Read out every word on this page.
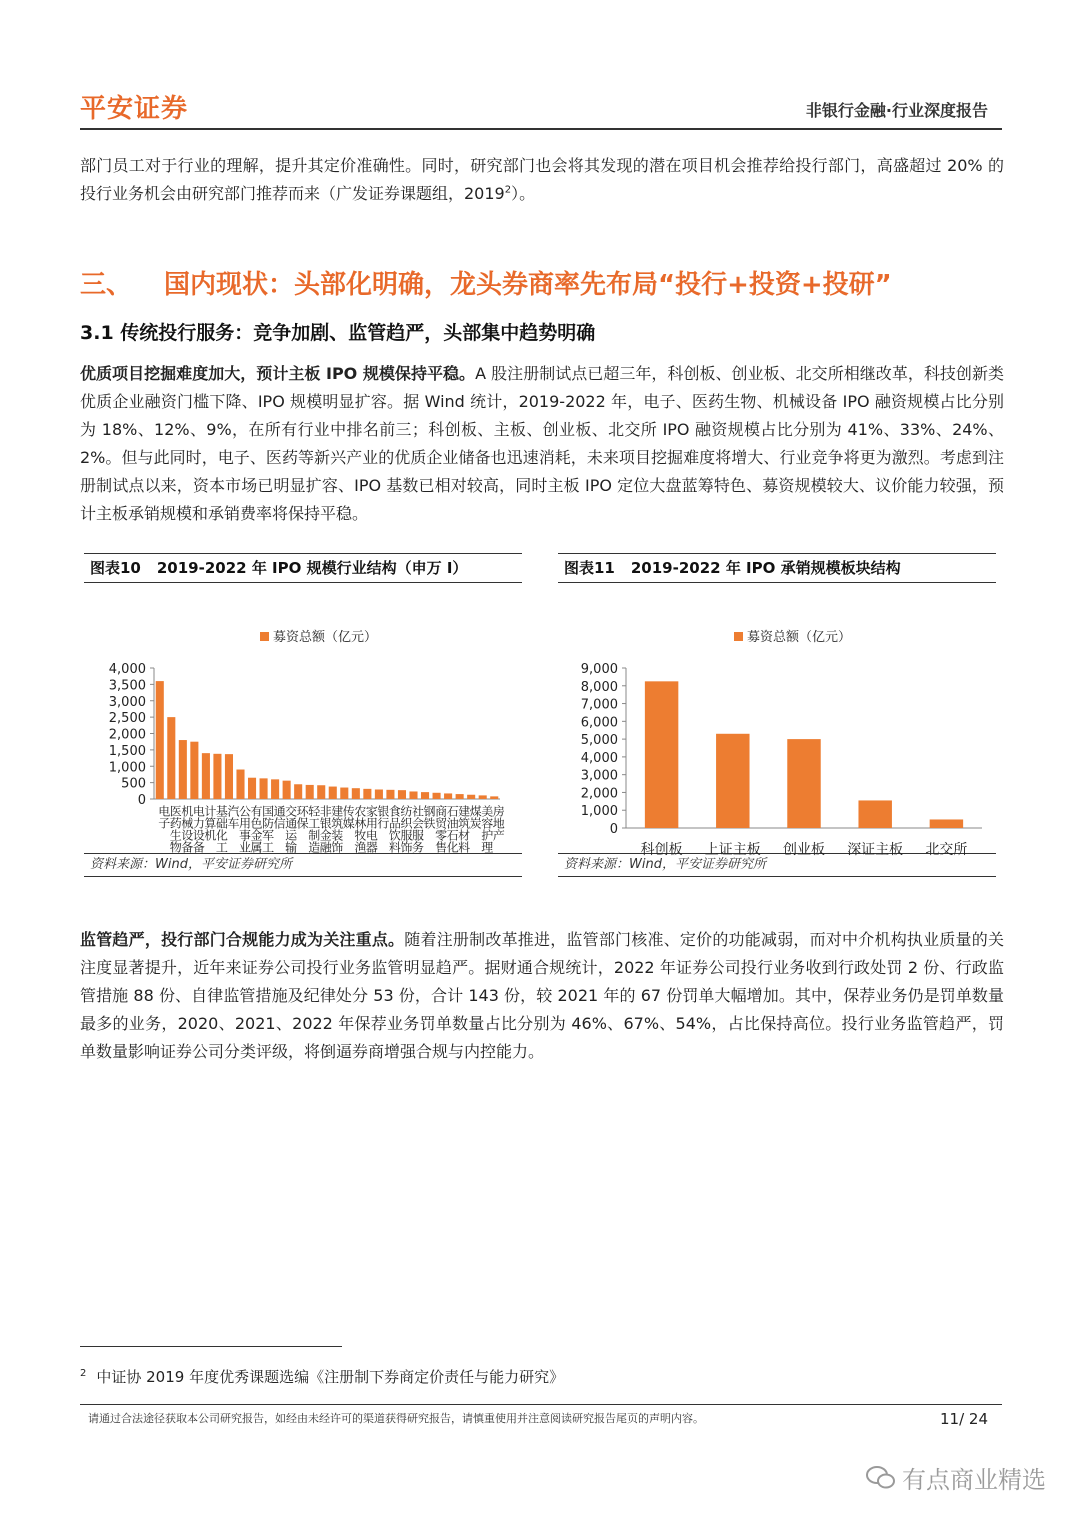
平安证券	非银行金融·行业深度报告
部门员工对于行业的理解，提升其定价准确性。同时，研究部门也会将其发现的潜在项目机会推荐给投行部门，高盛超过 20% 的投行业务机会由研究部门推荐而来（广发证券课题组，2019$^2$）。
三、 国内现状：头部化明确，龙头券商率先布局“投行+投资+投研”
3.1 传统投行服务：竞争加剧、监管趋严，头部集中趋势明确
优质项目挖掘难度加大，预计主板 IPO 规模保持平稳。A 股注册制试点已超三年，科创板、创业板、北交所相继改革，科技创新类优质企业融资门槛下降、IPO 规模明显扩容。据 Wind 统计，2019-2022 年，电子、医药生物、机械设备 IPO 融资规模占比分别为 18%、12%、9%，在所有行业中排名前三；科创板、主板、创业板、北交所 IPO 融资规模占比分别为 41%、33%、24%、2%。但与此同时，电子、医药等新兴产业的优质企业储备也迅速消耗，未来项目挖掘难度将增大、行业竞争将更为激烈。考虑到注册制试点以来，资本市场已明显扩容、IPO 基数已相对较高，同时主板 IPO 定位大盘蓝筹特色、募资规模较大、议价能力较强，预计主板承销规模和承销费率将保持平稳。
图表10 2019-2022 年 IPO 规模行业结构（申万 I）
募资总额（亿元）
0
500
1,000
1,500
2,000
2,500
3,000
3,500
4,000
电子
医药生物
机械设备
电力设备
计算机
基础化工
汽车
公用事业
有色金属
国防军工
通信
交通运输
环保
轻工制造
非银金融
建筑装饰
传媒
农林牧渔
家用电器
银行
食品饮料
纺织服饰
社会服务
钢铁
商贸零售
石油石化
建筑材料
煤炭
美容护理
房地产
资料来源：Wind，平安证券研究所
图表11 2019-2022 年 IPO 承销规模板块结构
募资总额（亿元）
0
1,000
2,000
3,000
4,000
5,000
6,000
7,000
8,000
9,000
科创板 上证主板 创业板 深证主板 北交所
资料来源：Wind，平安证券研究所
监管趋严，投行部门合规能力成为关注重点。随着注册制改革推进，监管部门核准、定价的功能减弱，而对中介机构执业质量的关注度显著提升，近年来证券公司投行业务监管明显趋严。据财通合规统计，2022 年证券公司投行业务收到行政处罚 2 份、行政监管措施 88 份、自律监管措施及纪律处分 53 份，合计 143 份，较 2021 年的 67 份罚单大幅增加。其中，保荐业务仍是罚单数量最多的业务，2020、2021、2022 年保荐业务罚单数量占比分别为 46%、67%、54%，占比保持高位。投行业务监管趋严，罚单数量影响证券公司分类评级，将倒逼券商增强合规与内控能力。
$^2$ 中证协 2019 年度优秀课题选编《注册制下券商定价责任与能力研究》
请通过合法途径获取本公司研究报告，如经由未经许可的渠道获得研究报告，请慎重使用并注意阅读研究报告尾页的声明内容。	11/ 24
有点商业精选
